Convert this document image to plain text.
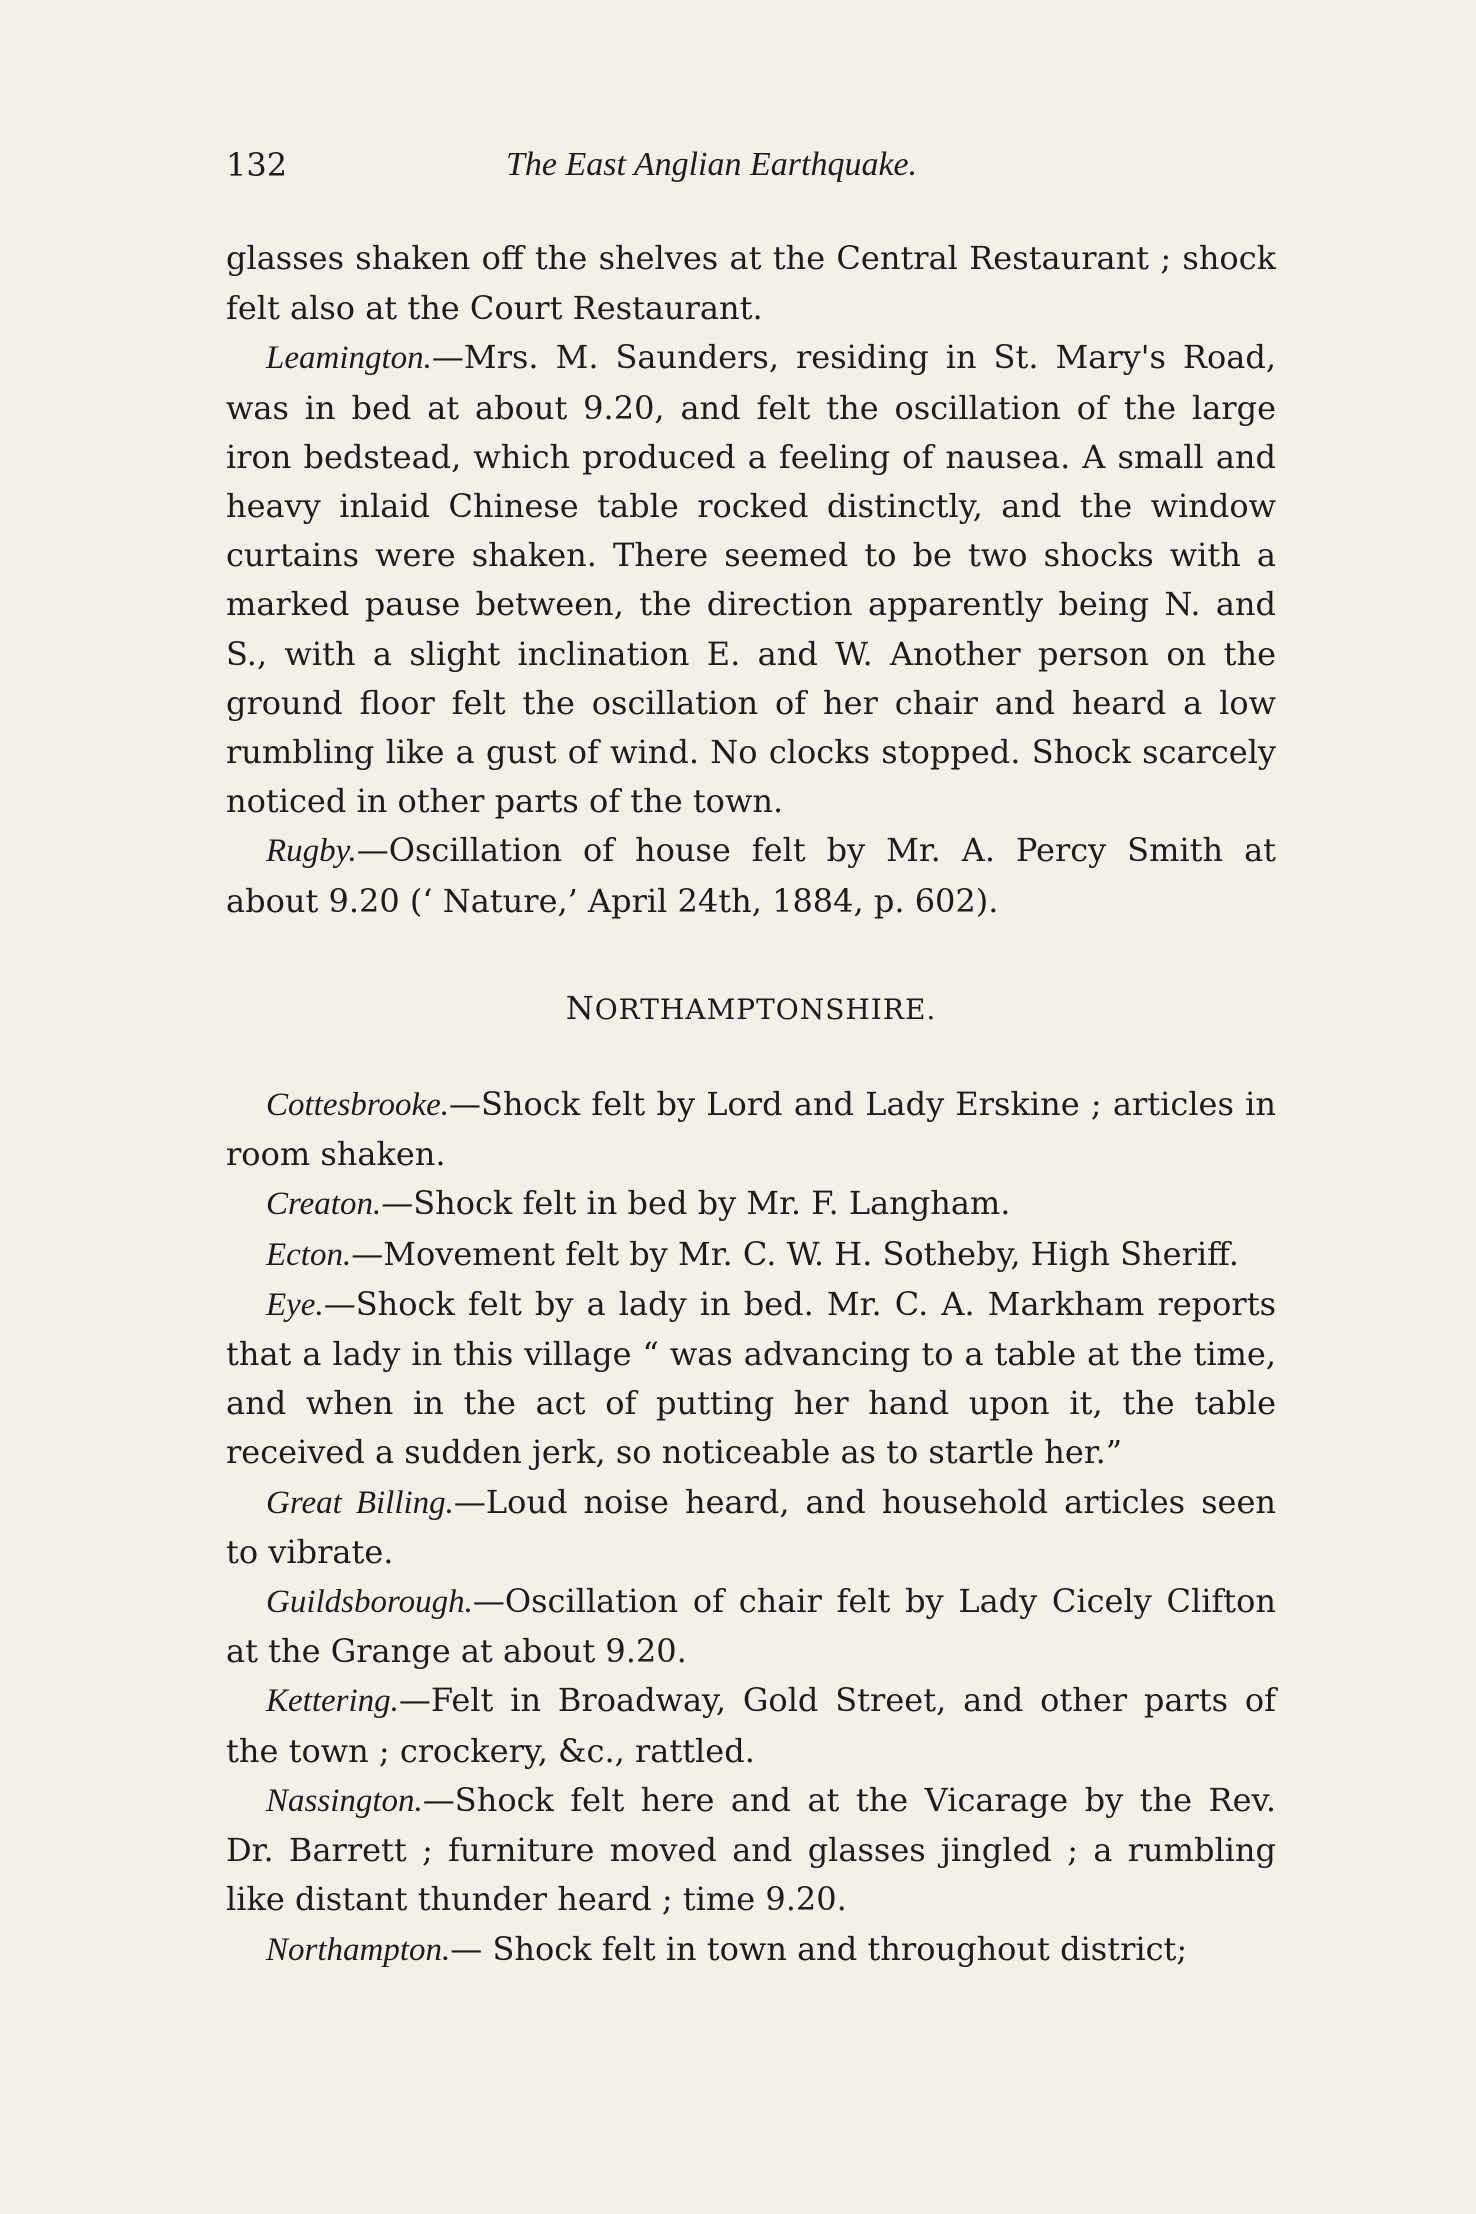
132	The East Anglian Earthquake.

glasses shaken off the shelves at the Central Restaurant ; shock felt also at the Court Restaurant.

Leamington.—Mrs. M. Saunders, residing in St. Mary's Road, was in bed at about 9.20, and felt the oscillation of the large iron bedstead, which produced a feeling of nausea. A small and heavy inlaid Chinese table rocked distinctly, and the window curtains were shaken. There seemed to be two shocks with a marked pause between, the direction apparently being N. and S., with a slight inclination E. and W. Another person on the ground floor felt the oscillation of her chair and heard a low rumbling like a gust of wind. No clocks stopped. Shock scarcely noticed in other parts of the town.

Rugby.—Oscillation of house felt by Mr. A. Percy Smith at about 9.20 (‘ Nature,’ April 24th, 1884, p. 602).

NORTHAMPTONSHIRE.

Cottesbrooke.—Shock felt by Lord and Lady Erskine ; articles in room shaken.

Creaton.—Shock felt in bed by Mr. F. Langham.

Ecton.—Movement felt by Mr. C. W. H. Sotheby, High Sheriff.

Eye.—Shock felt by a lady in bed. Mr. C. A. Markham reports that a lady in this village “ was advancing to a table at the time, and when in the act of putting her hand upon it, the table received a sudden jerk, so noticeable as to startle her.”

Great Billing.—Loud noise heard, and household articles seen to vibrate.

Guildsborough.—Oscillation of chair felt by Lady Cicely Clifton at the Grange at about 9.20.

Kettering.—Felt in Broadway, Gold Street, and other parts of the town ; crockery, &c., rattled.

Nassington.—Shock felt here and at the Vicarage by the Rev. Dr. Barrett ; furniture moved and glasses jingled ; a rumbling like distant thunder heard ; time 9.20.

Northampton.— Shock felt in town and throughout district;
